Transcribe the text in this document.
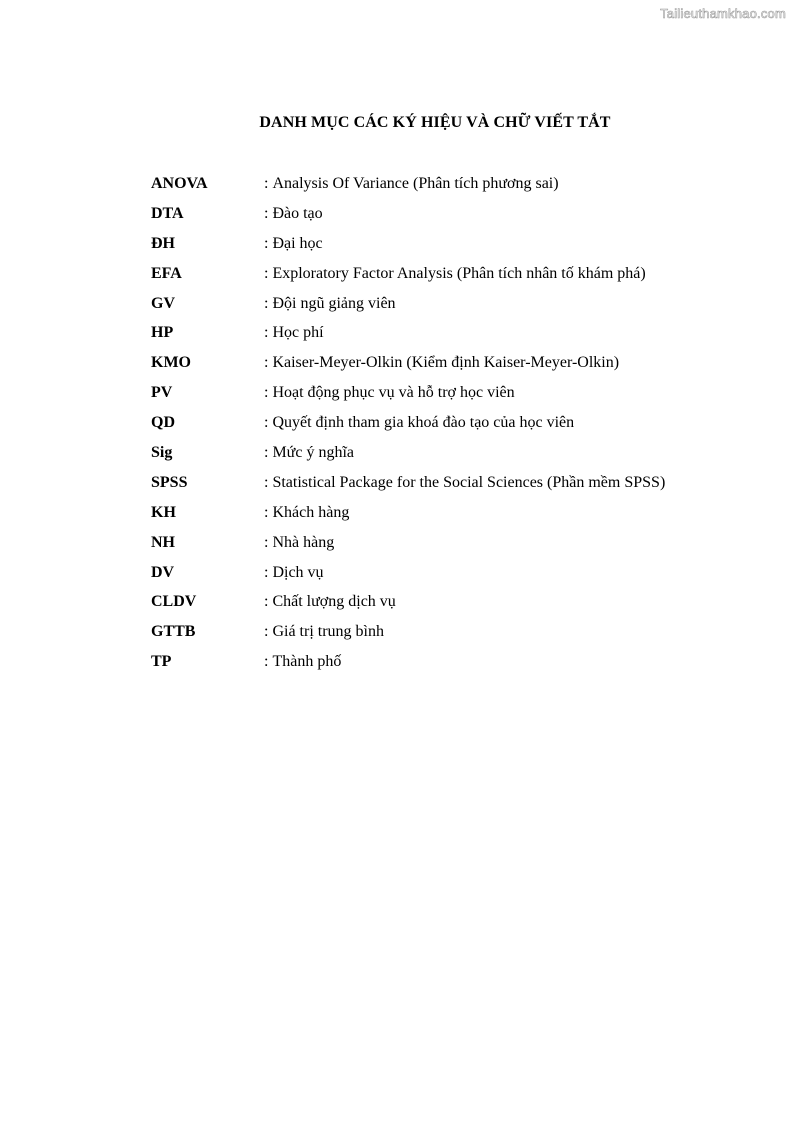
Tailieuthamkhao.com
DANH MỤC CÁC KÝ HIỆU VÀ CHỮ VIẾT TẮT
ANOVA	: Analysis Of Variance (Phân tích phương sai)
DTA	: Đào tạo
ĐH	: Đại học
EFA	: Exploratory Factor Analysis (Phân tích nhân tố khám phá)
GV	: Đội ngũ giảng viên
HP	: Học phí
KMO	: Kaiser-Meyer-Olkin (Kiểm định Kaiser-Meyer-Olkin)
PV	: Hoạt động phục vụ và hỗ trợ học viên
QD	: Quyết định tham gia khoá đào tạo của học viên
Sig	: Mức ý nghĩa
SPSS	: Statistical Package for the Social Sciences (Phần mềm SPSS)
KH	: Khách hàng
NH	: Nhà hàng
DV	: Dịch vụ
CLDV	: Chất lượng dịch vụ
GTTB	: Giá trị trung bình
TP	: Thành phố
